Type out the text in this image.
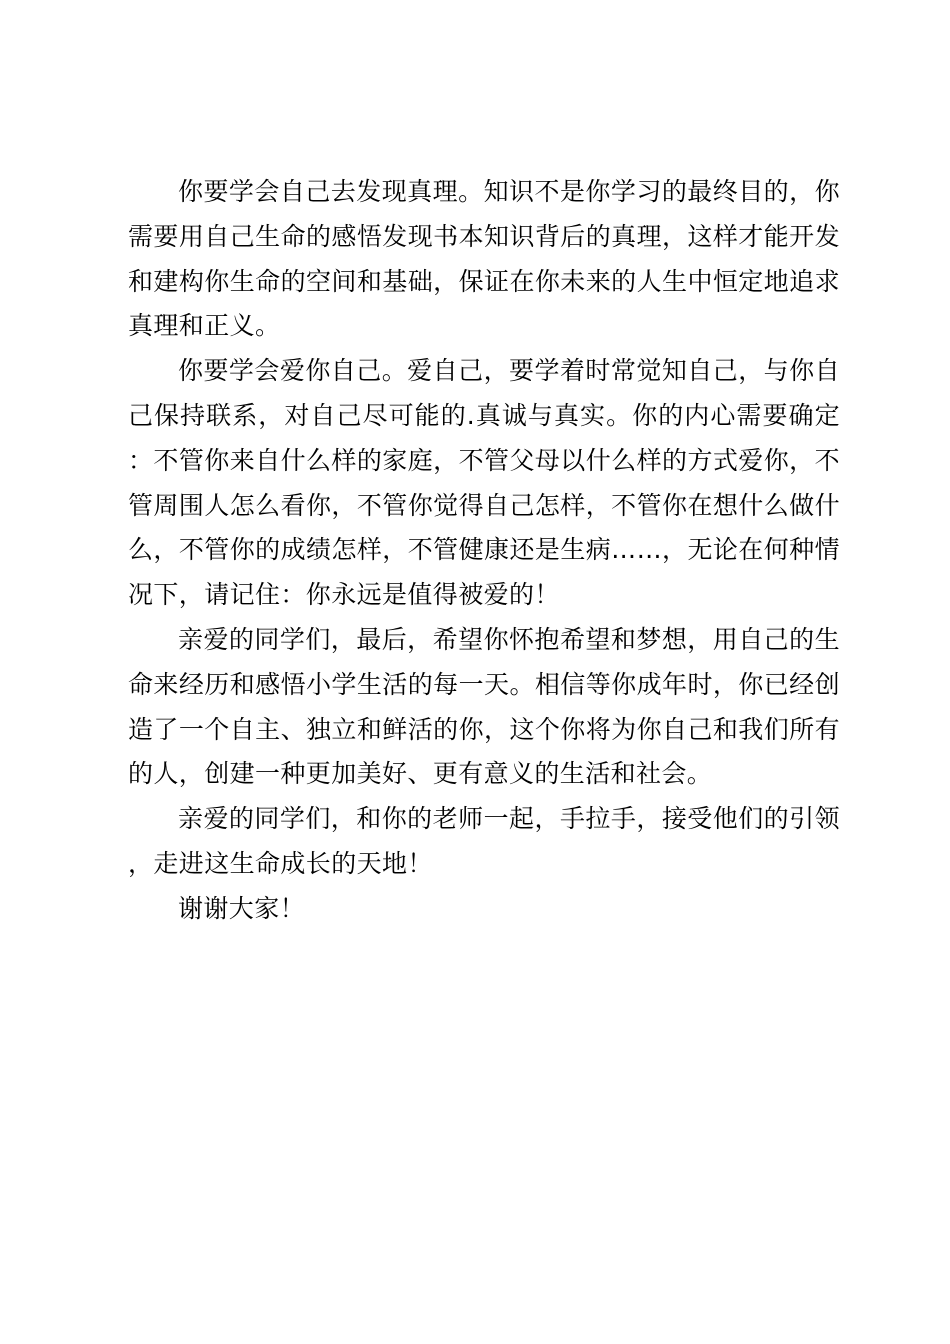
你要学会自己去发现真理。知识不是你学习的最终目的，你需要用自己生命的感悟发现书本知识背后的真理，这样才能开发和建构你生命的空间和基础，保证在你未来的人生中恒定地追求真理和正义。

你要学会爱你自己。爱自己，要学着时常觉知自己，与你自己保持联系，对自己尽可能的.真诚与真实。你的内心需要确定：不管你来自什么样的家庭，不管父母以什么样的方式爱你，不管周围人怎么看你，不管你觉得自己怎样，不管你在想什么做什么，不管你的成绩怎样，不管健康还是生病……，无论在何种情况下，请记住：你永远是值得被爱的！

亲爱的同学们，最后，希望你怀抱希望和梦想，用自己的生命来经历和感悟小学生活的每一天。相信等你成年时，你已经创造了一个自主、独立和鲜活的你，这个你将为你自己和我们所有的人，创建一种更加美好、更有意义的生活和社会。

亲爱的同学们，和你的老师一起，手拉手，接受他们的引领，走进这生命成长的天地！

谢谢大家！
